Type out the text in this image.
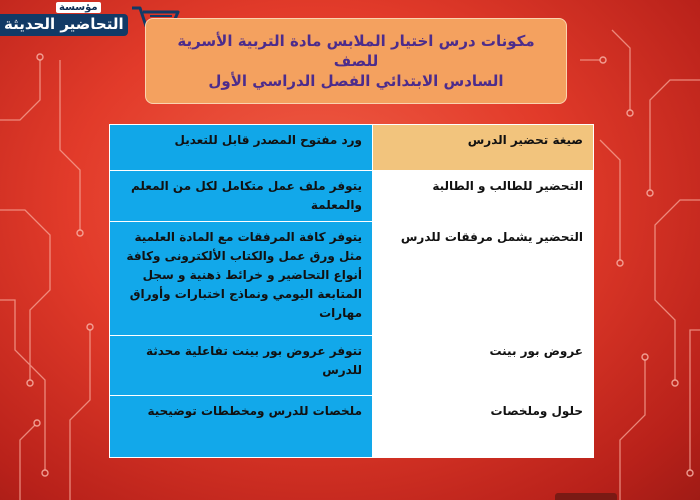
التحاضير الحديثة
مؤسسة
مكونات درس اختيار الملابس مادة التربية الأسرية للصف
السادس الابتدائي الفصل الدراسي الأول
صيغة تحضير الدرس	ورد مفتوح المصدر قابل للتعديل
التحضير للطالب و الطالبة	يتوفر ملف عمل متكامل لكل من المعلم والمعلمة
التحضير يشمل مرفقات للدرس	يتوفر كافة المرفقات مع المادة العلمية مثل ورق عمل والكتاب الألكترونى وكافة أنواع التحاضير و خرائط ذهنية و سجل المتابعة اليومي ونماذج اختبارات وأوراق مهارات
عروض بور بينت	تتوفر عروض بور بينت تفاعلية محدثة للدرس
حلول وملخصات	ملخصات للدرس ومخططات توضيحية
